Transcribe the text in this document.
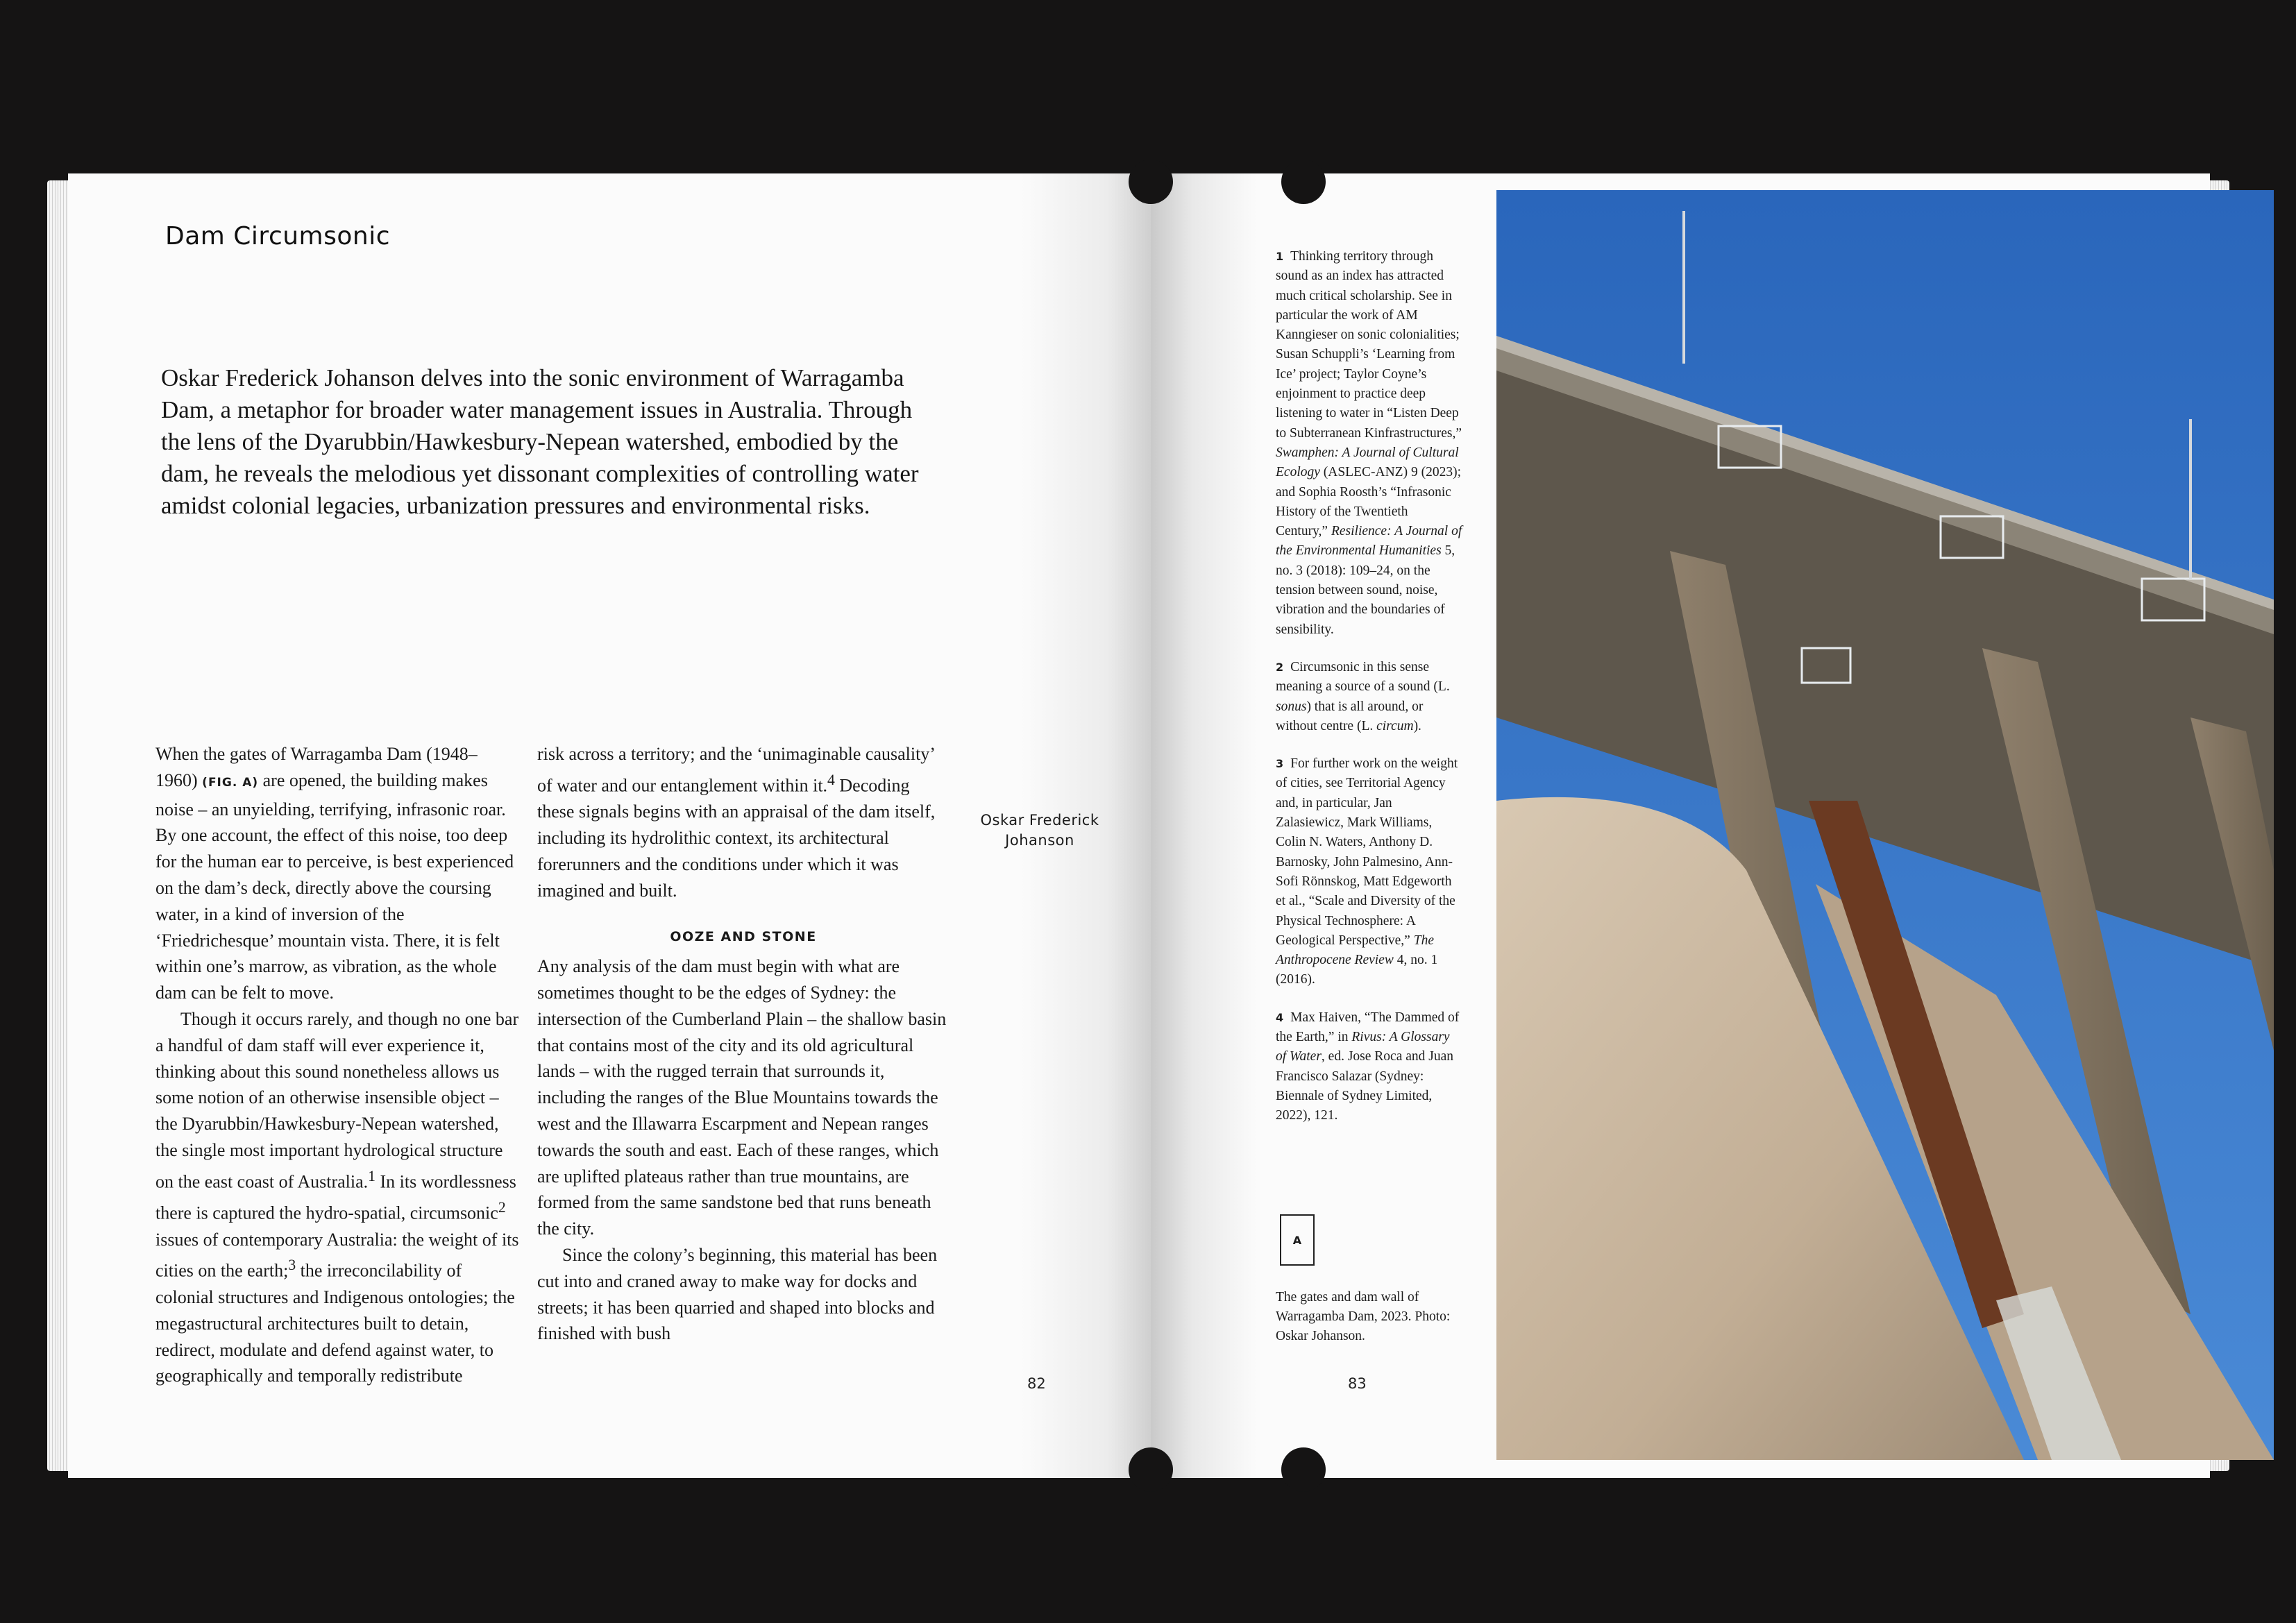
Dam Circumsonic
Oskar Frederick Johanson delves into the sonic environment of Warragamba Dam, a metaphor for broader water management issues in Australia. Through the lens of the Dyarubbin/Hawkesbury-Nepean watershed, embodied by the dam, he reveals the melodious yet dissonant complexities of controlling water amidst colonial legacies, urbanization pressures and environmental risks.

When the gates of Warragamba Dam (1948–1960) (FIG. A) are opened, the building makes noise – an unyielding, terrifying, infrasonic roar. By one account, the effect of this noise, too deep for the human ear to perceive, is best experienced on the dam’s deck, directly above the coursing water, in a kind of inversion of the ‘Friedrichesque’ mountain vista. There, it is felt within one’s marrow, as vibration, as the whole dam can be felt to move.

Though it occurs rarely, and though no one bar a handful of dam staff will ever experience it, thinking about this sound nonetheless allows us some notion of an otherwise insensible object – the Dyarubbin/Hawkesbury-Nepean watershed, the single most important hydrological structure on the east coast of Australia.$^1$ In its wordlessness there is captured the hydro-spatial, circumsonic$^2$ issues of contemporary Australia: the weight of its cities on the earth;$^3$ the irreconcilability of colonial structures and Indigenous ontologies; the megastructural architectures built to detain, redirect, modulate and defend against water, to geographically and temporally redistribute

risk across a territory; and the ‘unimaginable causality’ of water and our entanglement within it.$^4$ Decoding these signals begins with an appraisal of the dam itself, including its hydrolithic context, its architectural forerunners and the conditions under which it was imagined and built.

OOZE AND STONE

Any analysis of the dam must begin with what are sometimes thought to be the edges of Sydney: the intersection of the Cumberland Plain – the shallow basin that contains most of the city and its old agricultural lands – with the rugged terrain that surrounds it, including the ranges of the Blue Mountains towards the west and the Illawarra Escarpment and Nepean ranges towards the south and east. Each of these ranges, which are uplifted plateaus rather than true mountains, are formed from the same sandstone bed that runs beneath the city.

Since the colony’s beginning, this material has been cut into and craned away to make way for docks and streets; it has been quarried and shaped into blocks and finished with bush

Oskar Frederick
Johanson
82

1 Thinking territory through sound as an index has attracted much critical scholarship. See in particular the work of AM Kanngieser on sonic colonialities; Susan Schuppli’s ‘Learning from Ice’ project; Taylor Coyne’s enjoinment to practice deep listening to water in “Listen Deep to Subterranean Kinfrastructures,” Swamphen: A Journal of Cultural Ecology (ASLEC-ANZ) 9 (2023); and Sophia Roosth’s “Infrasonic History of the Twentieth Century,” Resilience: A Journal of the Environmental Humanities 5, no. 3 (2018): 109–24, on the tension between sound, noise, vibration and the boundaries of sensibility.

2 Circumsonic in this sense meaning a source of a sound (L. sonus) that is all around, or without centre (L. circum).

3 For further work on the weight of cities, see Territorial Agency and, in particular, Jan Zalasiewicz, Mark Williams, Colin N. Waters, Anthony D. Barnosky, John Palmesino, Ann-Sofi Rönnskog, Matt Edgeworth et al., “Scale and Diversity of the Physical Technosphere: A Geological Perspective,” The Anthropocene Review 4, no. 1 (2016).

4 Max Haiven, “The Dammed of the Earth,” in Rivus: A Glossary of Water, ed. Jose Roca and Juan Francisco Salazar (Sydney: Biennale of Sydney Limited, 2022), 121.

A
The gates and dam wall of Warragamba Dam, 2023. Photo: Oskar Johanson.
83
